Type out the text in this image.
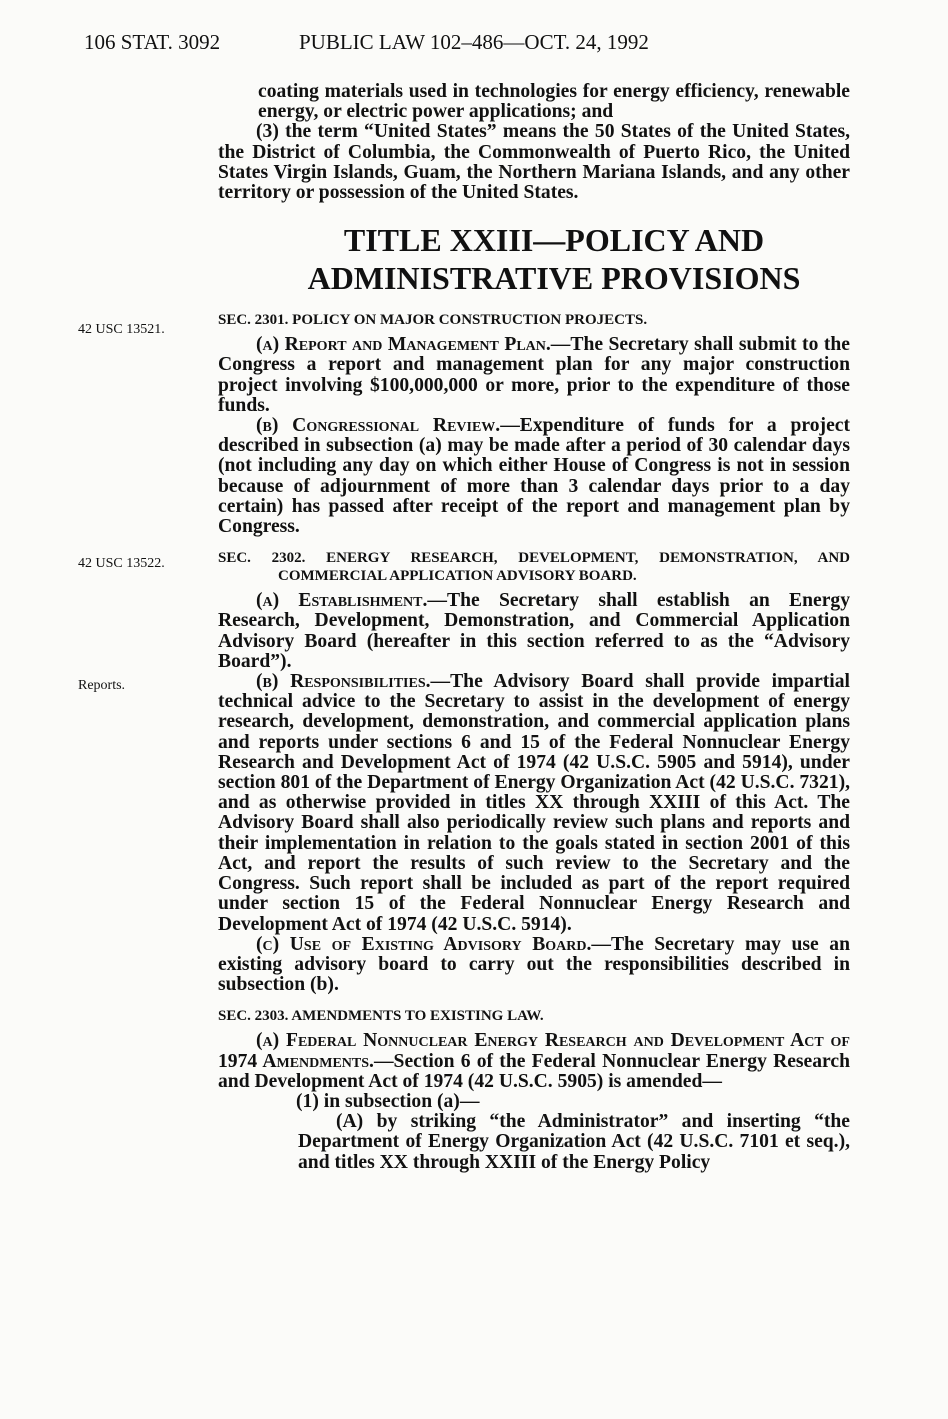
106 STAT. 3092	PUBLIC LAW 102–486—OCT. 24, 1992
42 USC 13521.
42 USC 13522.
Reports.

coating materials used in technologies for energy efficiency, renewable energy, or electric power applications; and

(3) the term “United States” means the 50 States of the United States, the District of Columbia, the Commonwealth of Puerto Rico, the United States Virgin Islands, Guam, the Northern Mariana Islands, and any other territory or possession of the United States.

TITLE XXIII—POLICY AND
ADMINISTRATIVE PROVISIONS
SEC. 2301. POLICY ON MAJOR CONSTRUCTION PROJECTS.

(a) Report and Management Plan.—The Secretary shall submit to the Congress a report and management plan for any major construction project involving $100,000,000 or more, prior to the expenditure of those funds.

(b) Congressional Review.—Expenditure of funds for a project described in subsection (a) may be made after a period of 30 calendar days (not including any day on which either House of Congress is not in session because of adjournment of more than 3 calendar days prior to a day certain) has passed after receipt of the report and management plan by Congress.

SEC. 2302. ENERGY RESEARCH, DEVELOPMENT, DEMONSTRATION, AND COMMERCIAL APPLICATION ADVISORY BOARD.

(a) Establishment.—The Secretary shall establish an Energy Research, Development, Demonstration, and Commercial Application Advisory Board (hereafter in this section referred to as the “Advisory Board”).

(b) Responsibilities.—The Advisory Board shall provide impartial technical advice to the Secretary to assist in the development of energy research, development, demonstration, and commercial application plans and reports under sections 6 and 15 of the Federal Nonnuclear Energy Research and Development Act of 1974 (42 U.S.C. 5905 and 5914), under section 801 of the Department of Energy Organization Act (42 U.S.C. 7321), and as otherwise provided in titles XX through XXIII of this Act. The Advisory Board shall also periodically review such plans and reports and their implementation in relation to the goals stated in section 2001 of this Act, and report the results of such review to the Secretary and the Congress. Such report shall be included as part of the report required under section 15 of the Federal Nonnuclear Energy Research and Development Act of 1974 (42 U.S.C. 5914).

(c) Use of Existing Advisory Board.—The Secretary may use an existing advisory board to carry out the responsibilities described in subsection (b).

SEC. 2303. AMENDMENTS TO EXISTING LAW.

(a) Federal Nonnuclear Energy Research and Development Act of 1974 Amendments.—Section 6 of the Federal Nonnuclear Energy Research and Development Act of 1974 (42 U.S.C. 5905) is amended—

(1) in subsection (a)—

(A) by striking “the Administrator” and inserting “the Department of Energy Organization Act (42 U.S.C. 7101 et seq.), and titles XX through XXIII of the Energy Policy
